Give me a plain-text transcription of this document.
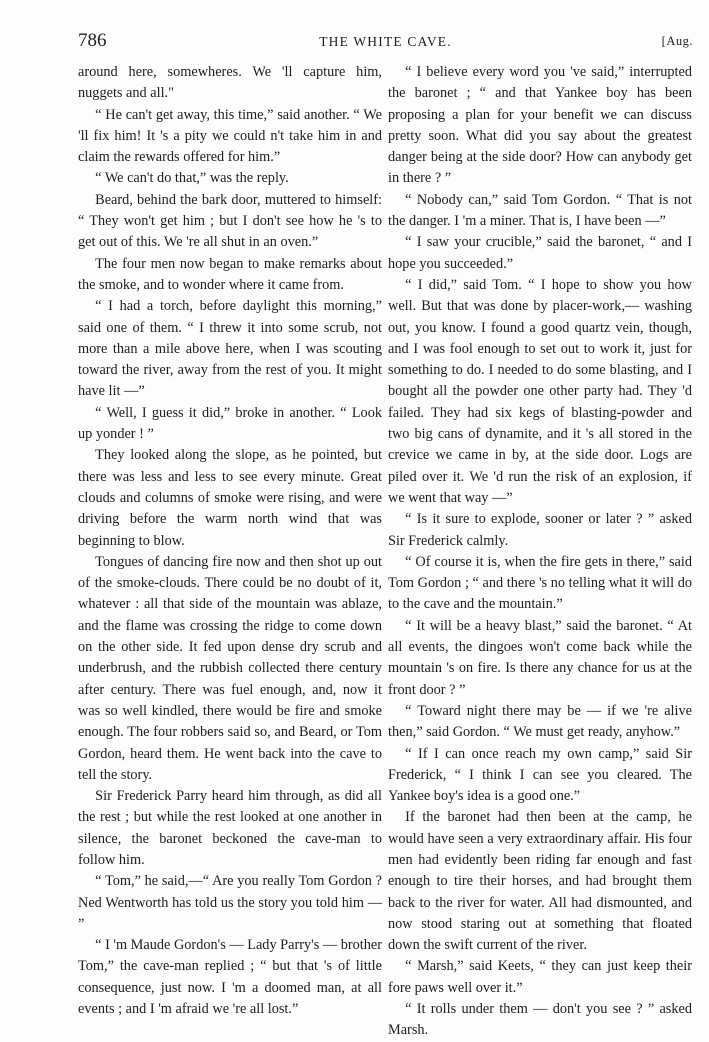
786	THE WHITE CAVE.	[Aug.

around here, somewheres. We 'll capture him, nuggets and all."

“ He can't get away, this time,” said another. “ We 'll fix him! It 's a pity we could n't take him in and claim the rewards offered for him.”

“ We can't do that,” was the reply.

Beard, behind the bark door, muttered to himself: “ They won't get him ; but I don't see how he 's to get out of this. We 're all shut in an oven.”

The four men now began to make remarks about the smoke, and to wonder where it came from.

“ I had a torch, before daylight this morning,” said one of them. “ I threw it into some scrub, not more than a mile above here, when I was scouting toward the river, away from the rest of you. It might have lit —”

“ Well, I guess it did,” broke in another. “ Look up yonder ! ”

They looked along the slope, as he pointed, but there was less and less to see every minute. Great clouds and columns of smoke were rising, and were driving before the warm north wind that was beginning to blow.

Tongues of dancing fire now and then shot up out of the smoke-clouds. There could be no doubt of it, whatever : all that side of the mountain was ablaze, and the flame was crossing the ridge to come down on the other side. It fed upon dense dry scrub and underbrush, and the rubbish collected there century after century. There was fuel enough, and, now it was so well kindled, there would be fire and smoke enough. The four robbers said so, and Beard, or Tom Gordon, heard them. He went back into the cave to tell the story.

Sir Frederick Parry heard him through, as did all the rest ; but while the rest looked at one another in silence, the baronet beckoned the cave-man to follow him.

“ Tom,” he said,—“ Are you really Tom Gordon ? Ned Wentworth has told us the story you told him — ”

“ I 'm Maude Gordon's — Lady Parry's — brother Tom,” the cave-man replied ; “ but that 's of little consequence, just now. I 'm a doomed man, at all events ; and I 'm afraid we 're all lost.”

“ I believe every word you 've said,” interrupted the baronet ; “ and that Yankee boy has been proposing a plan for your benefit we can discuss pretty soon. What did you say about the greatest danger being at the side door? How can anybody get in there ? ”

“ Nobody can,” said Tom Gordon. “ That is not the danger. I 'm a miner. That is, I have been —”

“ I saw your crucible,” said the baronet, “ and I hope you succeeded.”

“ I did,” said Tom. “ I hope to show you how well. But that was done by placer-work,— washing out, you know. I found a good quartz vein, though, and I was fool enough to set out to work it, just for something to do. I needed to do some blasting, and I bought all the powder one other party had. They 'd failed. They had six kegs of blasting-powder and two big cans of dynamite, and it 's all stored in the crevice we came in by, at the side door. Logs are piled over it. We 'd run the risk of an explosion, if we went that way —”

“ Is it sure to explode, sooner or later ? ” asked Sir Frederick calmly.

“ Of course it is, when the fire gets in there,” said Tom Gordon ; “ and there 's no telling what it will do to the cave and the mountain.”

“ It will be a heavy blast,” said the baronet. “ At all events, the dingoes won't come back while the mountain 's on fire. Is there any chance for us at the front door ? ”

“ Toward night there may be — if we 're alive then,” said Gordon. “ We must get ready, anyhow.”

“ If I can once reach my own camp,” said Sir Frederick, “ I think I can see you cleared. The Yankee boy's idea is a good one.”

If the baronet had then been at the camp, he would have seen a very extraordinary affair. His four men had evidently been riding far enough and fast enough to tire their horses, and had brought them back to the river for water. All had dismounted, and now stood staring out at something that floated down the swift current of the river.

“ Marsh,” said Keets, “ they can just keep their fore paws well over it.”

“ It rolls under them — don't you see ? ” asked Marsh.
